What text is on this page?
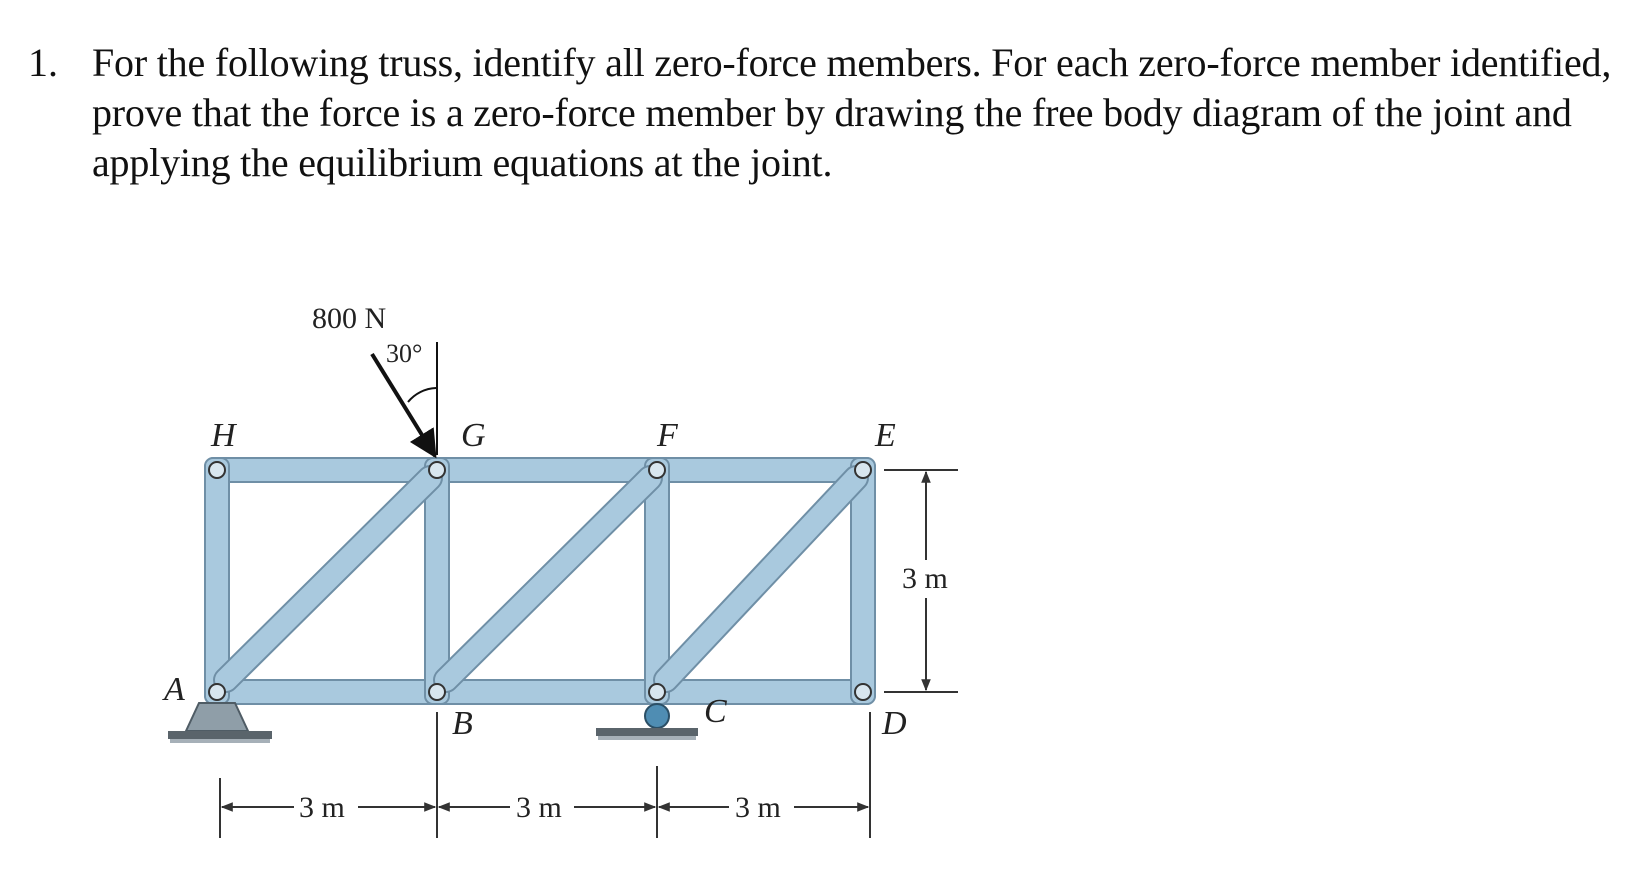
1. For the following truss, identify all zero-force members. For each zero-force member identified, prove that the force is a zero-force member by drawing the free body diagram of the joint and applying the equilibrium equations at the joint.
800 N
30°
H	G	F	E
A
B	C	D
3 m
3 m	3 m	3 m
